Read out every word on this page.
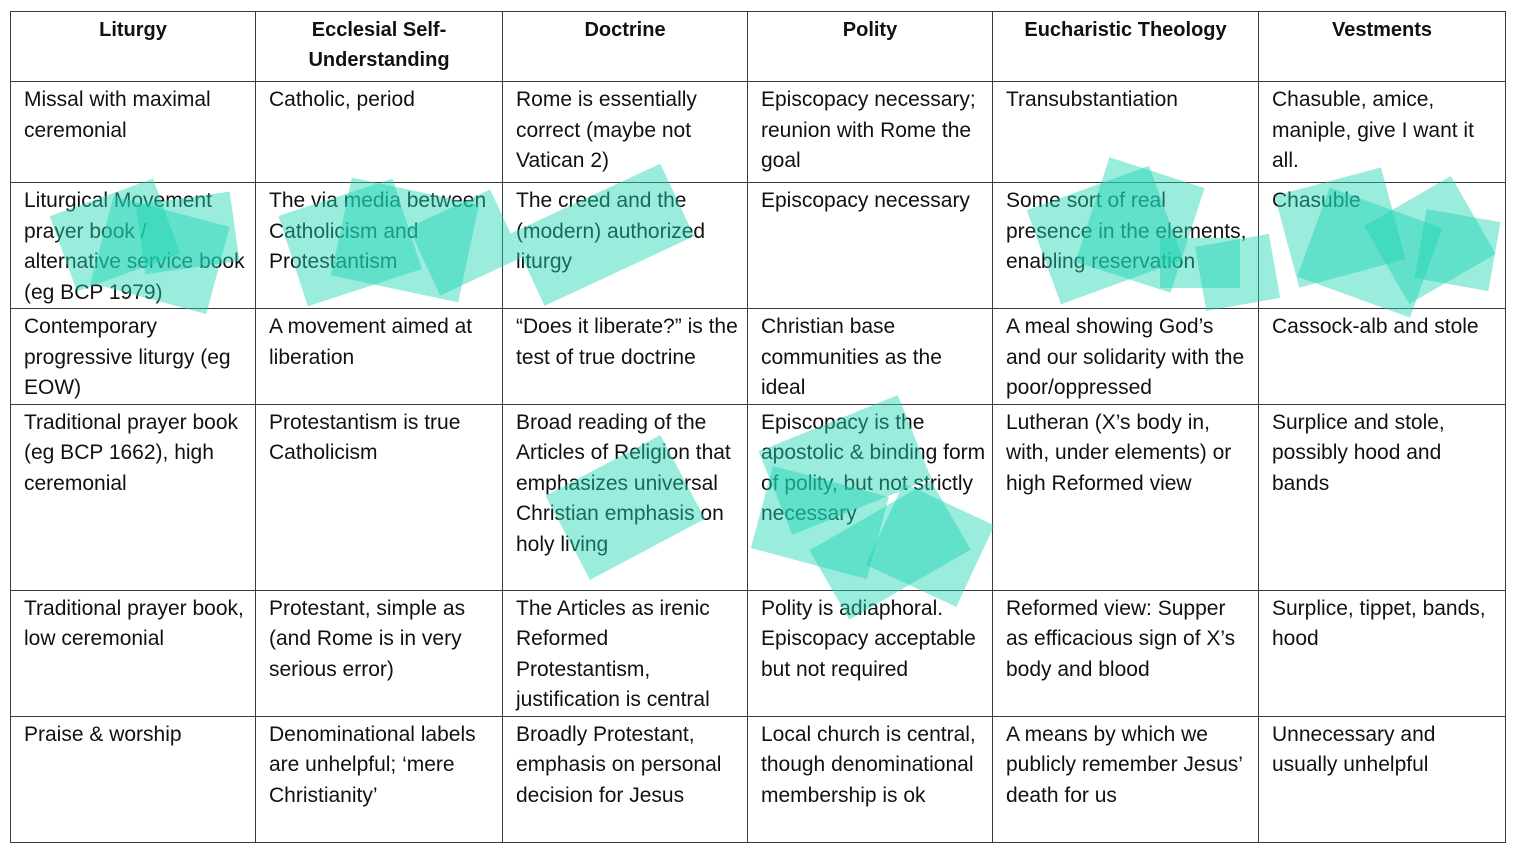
Liturgy	Ecclesial Self-Understanding	Doctrine	Polity	Eucharistic Theology	Vestments
Missal with maximal ceremonial	Catholic, period	Rome is essentially correct (maybe not Vatican 2)	Episcopacy necessary; reunion with Rome the goal	Transubstantiation	Chasuble, amice, maniple, give I want it all.
Liturgical Movement prayer book / alternative service book (eg BCP 1979)	The via media between Catholicism and Protestantism	The creed and the (modern) authorized liturgy	Episcopacy necessary	Some sort of real presence in the elements, enabling reservation	Chasuble
Contemporary progressive liturgy (eg EOW)	A movement aimed at liberation	“Does it liberate?” is the test of true doctrine	Christian base communities as the ideal	A meal showing God’s and our solidarity with the poor/oppressed	Cassock-alb and stole
Traditional prayer book (eg BCP 1662), high ceremonial	Protestantism is true Catholicism	Broad reading of the Articles of Religion that emphasizes universal Christian emphasis on holy living	Episcopacy is the apostolic & binding form of polity, but not strictly necessary	Lutheran (X’s body in, with, under elements) or high Reformed view	Surplice and stole, possibly hood and bands
Traditional prayer book, low ceremonial	Protestant, simple as (and Rome is in very serious error)	The Articles as irenic Reformed Protestantism, justification is central	Polity is adiaphoral. Episcopacy acceptable but not required	Reformed view: Supper as efficacious sign of X’s body and blood	Surplice, tippet, bands, hood
Praise & worship	Denominational labels are unhelpful; ‘mere Christianity’	Broadly Protestant, emphasis on personal decision for Jesus	Local church is central, though denominational membership is ok	A means by which we publicly remember Jesus’ death for us	Unnecessary and usually unhelpful
